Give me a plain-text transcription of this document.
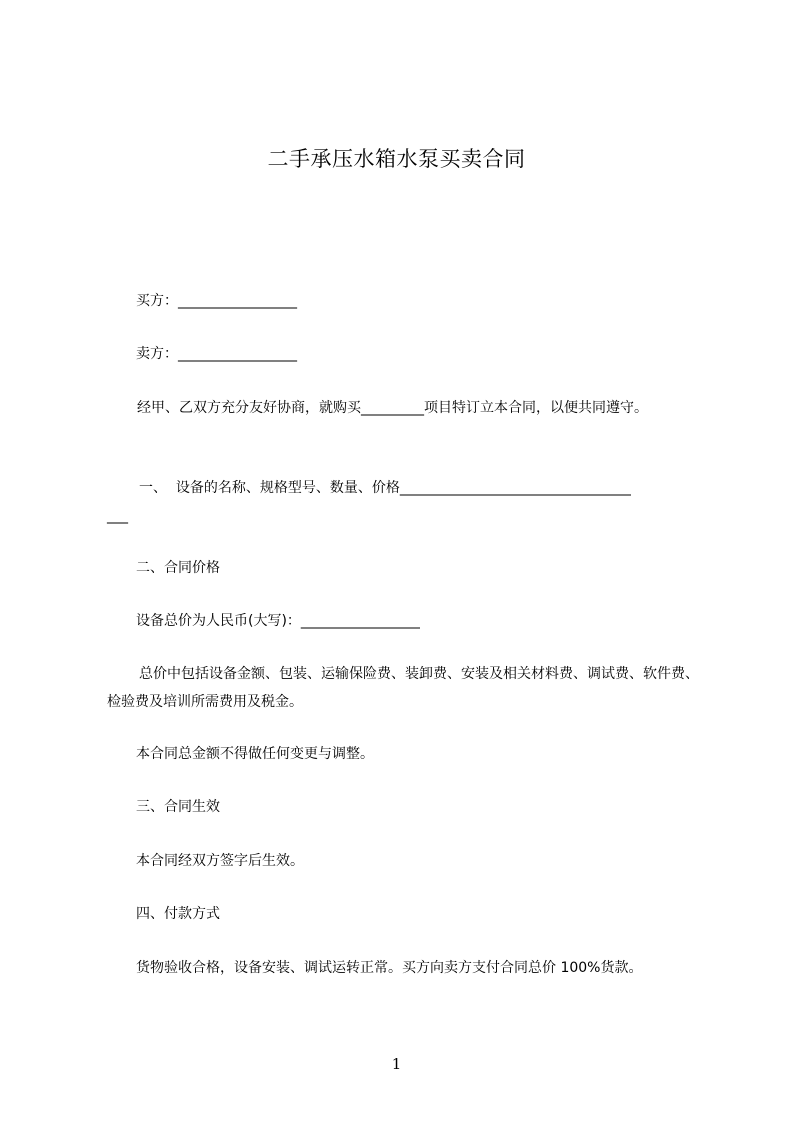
二手承压水箱水泵买卖合同
买方：_________________
卖方：_________________
经甲、乙双方充分友好协商，就购买_________项目特订立本合同，以便共同遵守。
一、  设备的名称、规格型号、数量、价格_________________________________
___
二、合同价格
设备总价为人民币(大写)：_________________
总价中包括设备金额、包装、运输保险费、装卸费、安装及相关材料费、调试费、软件费、检验费及培训所需费用及税金。
本合同总金额不得做任何变更与调整。
三、合同生效
本合同经双方签字后生效。
四、付款方式
货物验收合格，设备安装、调试运转正常。买方向卖方支付合同总价 100%货款。
1
